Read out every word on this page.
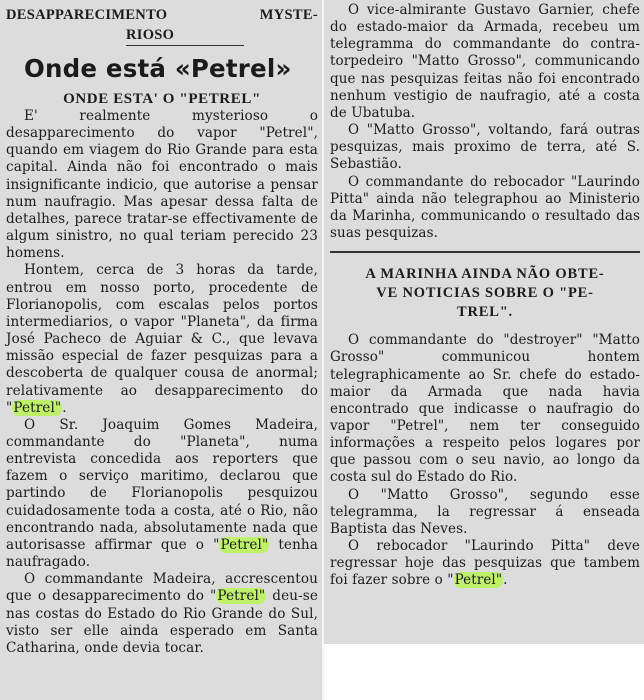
DESAPPARECIMENTO	MYSTE-
RIOSO
Onde está «Petrel»
ONDE ESTA' O "PETREL"

E' realmente mysterioso o desapparecimento do vapor "Petrel", quando em viagem do Rio Grande para esta capital. Ainda não foi encontrado o mais insignificante indicio, que autorise a pensar num naufragio. Mas apesar dessa falta de detalhes, parece tratar-se effectivamente de algum sinistro, no qual teriam perecido 23 homens.

Hontem, cerca de 3 horas da tarde, entrou em nosso porto, procedente de Florianopolis, com escalas pelos portos intermediarios, o vapor "Planeta", da firma José Pacheco de Aguiar & C., que levava missão especial de fazer pesquizas para a descoberta de qualquer cousa de anormal; relativamente ao desapparecimento do "Petrel".

O Sr. Joaquim Gomes Madeira, commandante do "Planeta", numa entrevista concedida aos reporters que fazem o serviço maritimo, declarou que partindo de Florianopolis pesquizou cuidadosamente toda a costa, até o Rio, não encontrando nada, absolutamente nada que autorisasse affirmar que o "Petrel" tenha naufragado.

O commandante Madeira, accrescentou que o desapparecimento do "Petrel" deu-se nas costas do Estado do Rio Grande do Sul, visto ser elle ainda esperado em Santa Catharina, onde devia tocar.

O vice-almirante Gustavo Garnier, chefe do estado-maior da Armada, recebeu um telegramma do commandante do contra-torpedeiro "Matto Grosso", communicando que nas pesquizas feitas não foi encontrado nenhum vestigio de naufragio, até a costa de Ubatuba.

O "Matto Grosso", voltando, fará outras pesquizas, mais proximo de terra, até S. Sebastião.

O commandante do rebocador "Laurindo Pitta" ainda não telegraphou ao Ministerio da Marinha, communicando o resultado das suas pesquizas.

A MARINHA AINDA NÃO OBTE-
VE NOTICIAS SOBRE O "PE-
TREL".

O commandante do "destroyer" "Matto Grosso" communicou hontem telegraphicamente ao Sr. chefe do estado-maior da Armada que nada havia encontrado que indicasse o naufragio do vapor "Petrel", nem ter conseguido informações a respeito pelos logares por que passou com o seu navio, ao longo da costa sul do Estado do Rio.

O "Matto Grosso", segundo esse telegramma, la regressar á enseada Baptista das Neves.

O rebocador "Laurindo Pitta" deve regressar hoje das pesquizas que tambem foi fazer sobre o "Petrel".
